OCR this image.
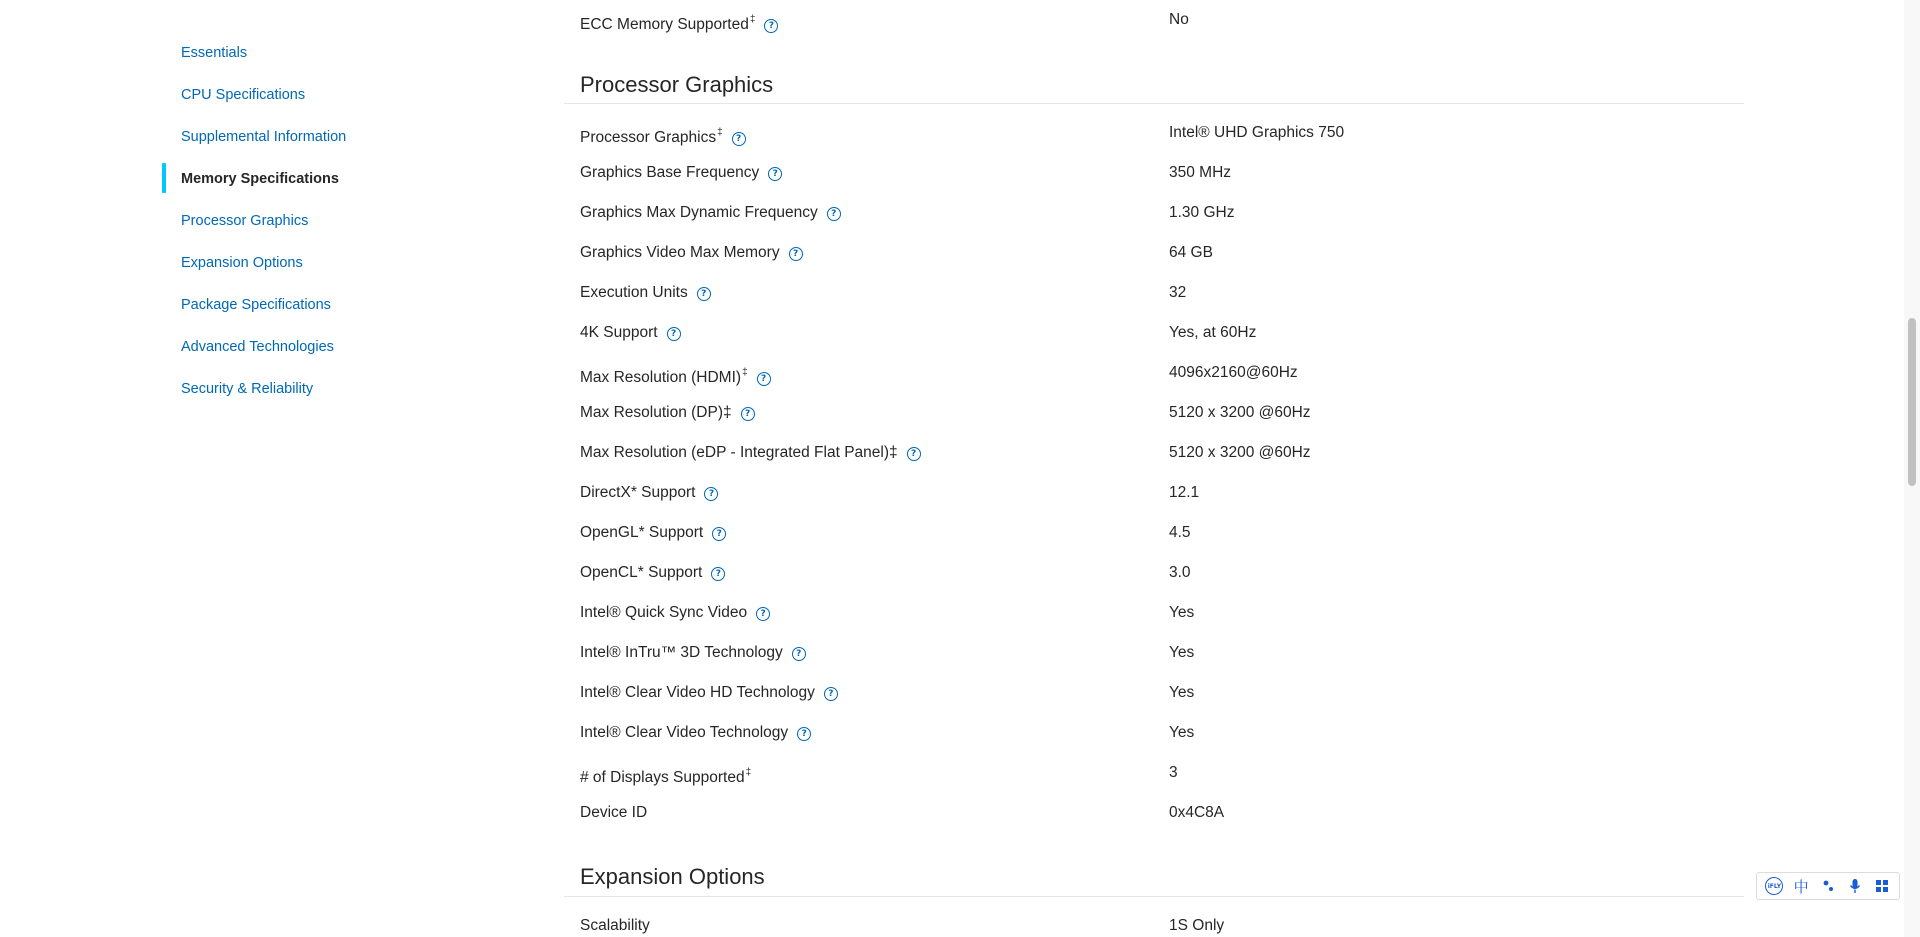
Essentials
CPU Specifications
Supplemental Information
Memory Specifications
Processor Graphics
Expansion Options
Package Specifications
Advanced Technologies
Security & Reliability
ECC Memory Supported‡?	No
Processor Graphics
Processor Graphics‡?	Intel® UHD Graphics 750
Graphics Base Frequency ?	350 MHz
Graphics Max Dynamic Frequency ?	1.30 GHz
Graphics Video Max Memory ?	64 GB
Execution Units ?	32
4K Support ?	Yes, at 60Hz
Max Resolution (HDMI)‡?	4096x2160@60Hz
Max Resolution (DP)‡ ?	5120 x 3200 @60Hz
Max Resolution (eDP - Integrated Flat Panel)‡ ?	5120 x 3200 @60Hz
DirectX* Support ?	12.1
OpenGL* Support ?	4.5
OpenCL* Support ?	3.0
Intel® Quick Sync Video ?	Yes
Intel® InTru™ 3D Technology ?	Yes
Intel® Clear Video HD Technology ?	Yes
Intel® Clear Video Technology ?	Yes
# of Displays Supported‡	3
Device ID	0x4C8A
Expansion Options
Scalability	1S Only
iFLY 中
